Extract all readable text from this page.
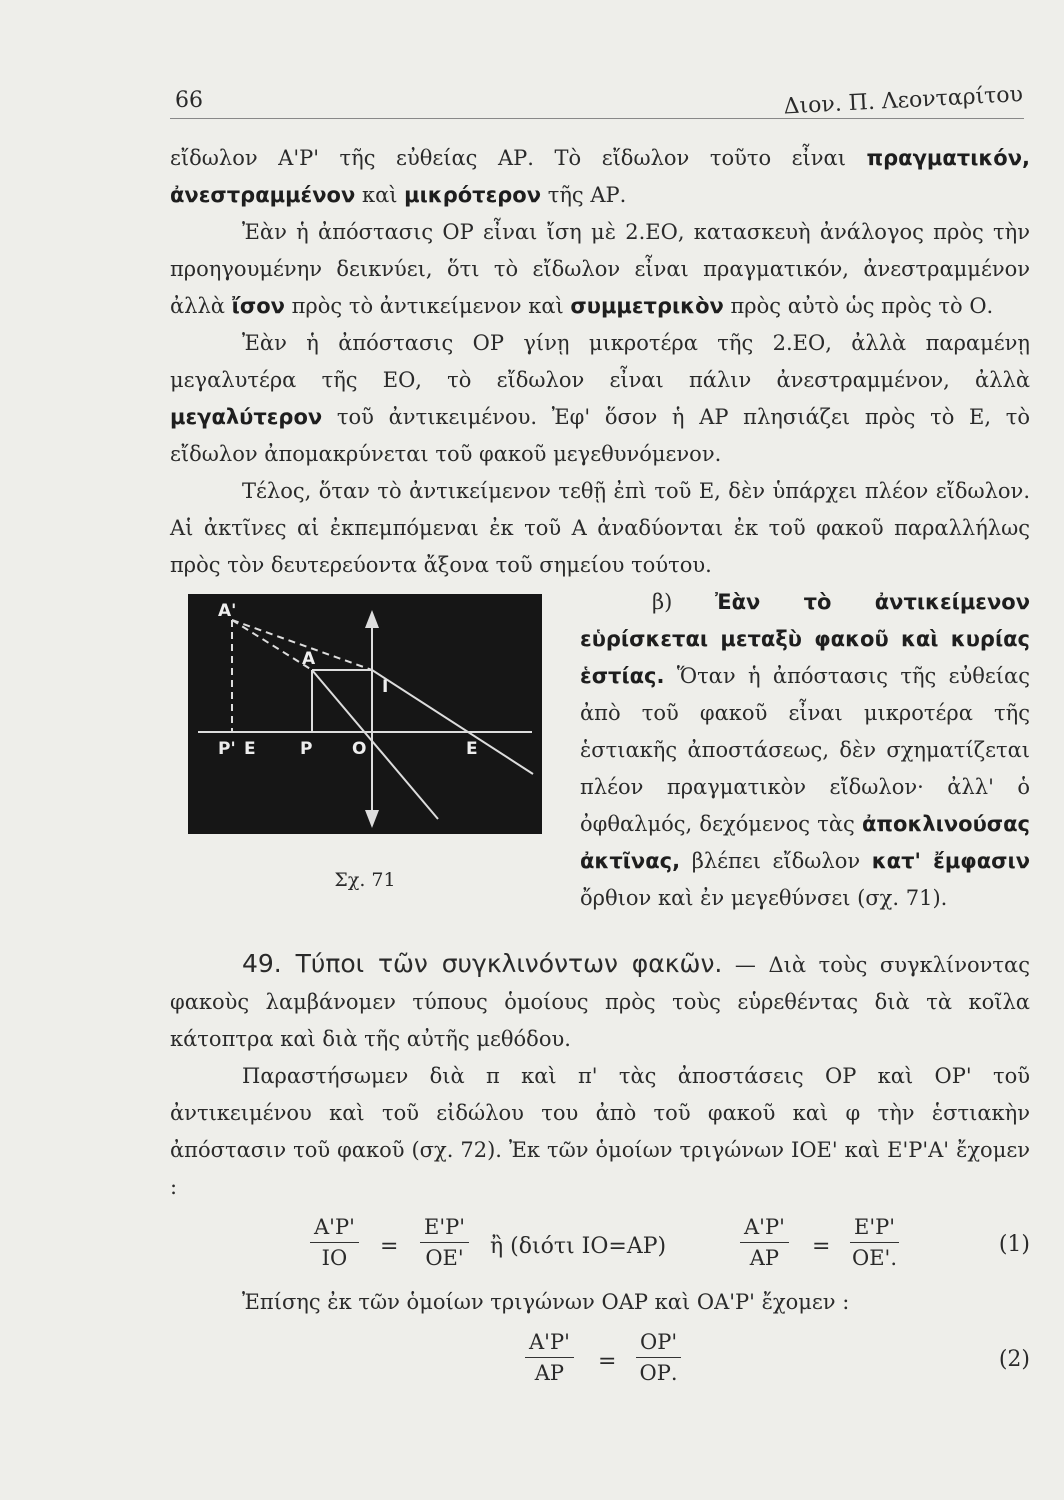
66	Διον. Π. Λεονταρίτου

εἴδωλον Α'Ρ' τῆς εὐθείας ΑΡ. Τὸ εἴδωλον τοῦτο εἶναι πραγματικόν, ἀνεστραμμένον καὶ μικρότερον τῆς ΑΡ.

Ἐὰν ἡ ἀπόστασις ΟΡ εἶναι ἴση μὲ 2.ΕΟ, κατασκευὴ ἀνάλογος πρὸς τὴν προηγουμένην δεικνύει, ὅτι τὸ εἴδωλον εἶναι πραγματικόν, ἀνεστραμμένον ἀλλὰ ἴσον πρὸς τὸ ἀντικείμενον καὶ συμμετρικὸν πρὸς αὐτὸ ὡς πρὸς τὸ Ο.

Ἐὰν ἡ ἀπόστασις ΟΡ γίνῃ μικροτέρα τῆς 2.ΕΟ, ἀλλὰ παραμένῃ μεγαλυτέρα τῆς ΕΟ, τὸ εἴδωλον εἶναι πάλιν ἀνεστραμμένον, ἀλλὰ μεγαλύτερον τοῦ ἀντικειμένου. Ἐφ' ὅσον ἡ ΑΡ πλησιάζει πρὸς τὸ Ε, τὸ εἴδωλον ἀπομακρύνεται τοῦ φακοῦ μεγεθυνόμενον.

Τέλος, ὅταν τὸ ἀντικείμενον τεθῇ ἐπὶ τοῦ Ε, δὲν ὑπάρχει πλέον εἴδωλον. Αἱ ἀκτῖνες αἱ ἐκπεμπόμεναι ἐκ τοῦ Α ἀναδύονται ἐκ τοῦ φακοῦ παραλλήλως πρὸς τὸν δευτερεύοντα ἄξονα τοῦ σημείου τούτου.

Α'
Α
Ι
Ρ' Ε	Ρ Ο	Ε
Σχ. 71

β) Ἐὰν τὸ ἀντικείμενον εὑρίσκεται μεταξὺ φακοῦ καὶ κυρίας ἑστίας. Ὅταν ἡ ἀπόστασις τῆς εὐθείας ἀπὸ τοῦ φακοῦ εἶναι μικροτέρα τῆς ἑστιακῆς ἀποστάσεως, δὲν σχηματίζεται πλέον πραγματικὸν εἴδωλον· ἀλλ' ὁ ὀφθαλμός, δεχόμενος τὰς ἀποκλινούσας ἀκτῖνας, βλέπει εἴδωλον κατ' ἔμφασιν ὄρθιον καὶ ἐν μεγεθύνσει (σχ. 71).

49. Τύποι τῶν συγκλινόντων φακῶν. — Διὰ τοὺς συγκλίνοντας φακοὺς λαμβάνομεν τύπους ὁμοίους πρὸς τοὺς εὑρεθέντας διὰ τὰ κοῖλα κάτοπτρα καὶ διὰ τῆς αὐτῆς μεθόδου.

Παραστήσωμεν διὰ π καὶ π' τὰς ἀποστάσεις ΟΡ καὶ ΟΡ' τοῦ ἀντικειμένου καὶ τοῦ εἰδώλου του ἀπὸ τοῦ φακοῦ καὶ φ τὴν ἑστιακὴν ἀπόστασιν τοῦ φακοῦ (σχ. 72). Ἐκ τῶν ὁμοίων τριγώνων ΙΟΕ' καὶ Ε'Ρ'Α' ἔχομεν :

$\frac{A'P'}{IO} = \frac{E'P'}{OE'}$ ἢ (διότι ΙΟ=ΑΡ)	$\frac{A'P'}{AP} = \frac{E'P'}{OE'.}$	(1)

Ἐπίσης ἐκ τῶν ὁμοίων τριγώνων ΟΑΡ καὶ ΟΑ'Ρ' ἔχομεν :

$\frac{A'P'}{AP} = \frac{OP'}{OP.}$	(2)
